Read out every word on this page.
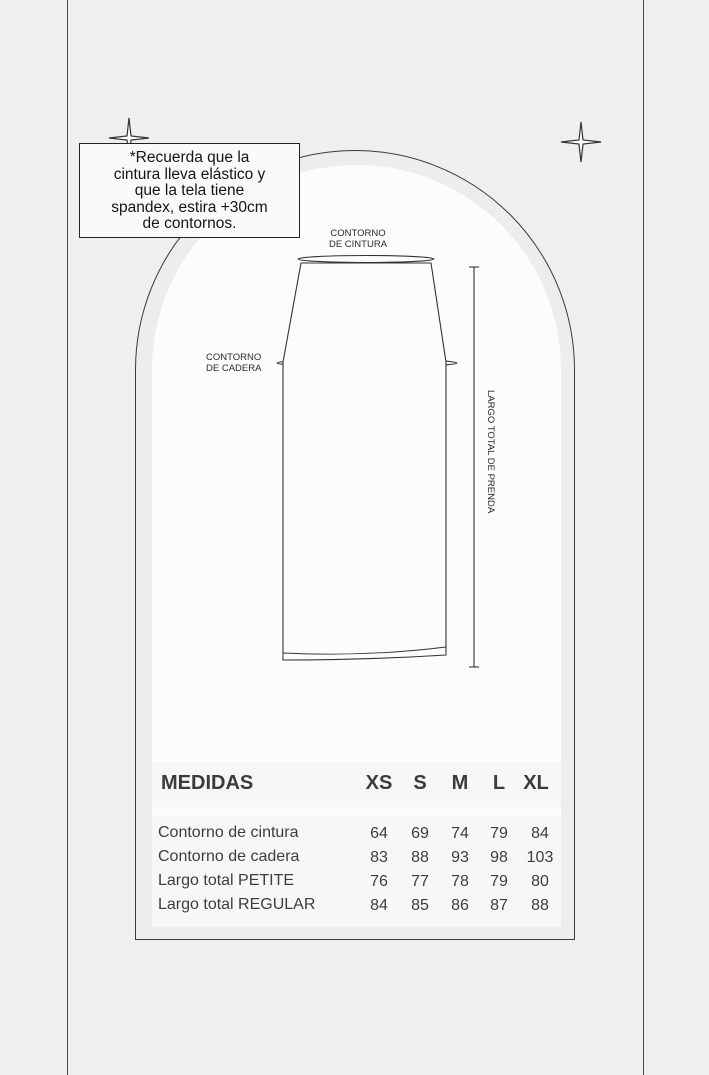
*Recuerda que la
cintura lleva elástico y
que la tela tiene
spandex, estira +30cm
de contornos.
CONTORNO
DE CINTURA
CONTORNO
DE CADERA
LARGO TOTAL DE PRENDA
MEDIDAS	XS	S	M	L XL
Contorno de cintura	64	69	74	79	84
Contorno de cadera	83	88	93	98	103
Largo total PETITE	76	77	78	79	80
Largo total REGULAR	84	85	86	87	88
